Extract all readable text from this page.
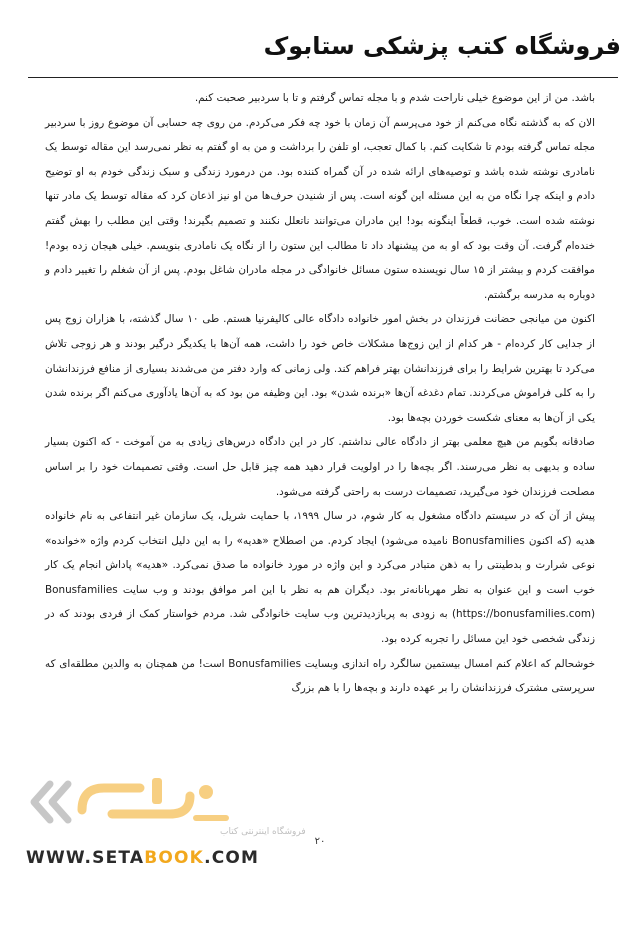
فروشگاه کتب پزشکی ستابوک

باشد. من از این موضوع خیلی ناراحت شدم و با مجله تماس گرفتم و تا با سردبیر صحبت کنم.

الان که به گذشته نگاه می‌کنم از خود می‌پرسم آن زمان با خود چه فکر می‌کردم. من روی چه حسابی آن موضوع روز با سردبیر مجله تماس گرفته بودم تا شکایت کنم. با کمال تعجب، او تلفن را برداشت و من به او گفتم به نظر نمی‌رسد این مقاله توسط یک نامادری نوشته شده باشد و توصیه‌های ارائه شده در آن گمراه کننده بود. من درمورد زندگی و سبک زندگی خودم به او توضیح دادم و اینکه چرا نگاه من به این مسئله این گونه است. پس از شنیدن حرف‌ها من او نیز اذعان کرد که مقاله توسط یک مادر تنها نوشته شده است. خوب، قطعاً اینگونه بود! این مادران می‌توانند ناتعلل نکنند و تصمیم بگیرند! وقتی این مطلب را بهش گفتم خنده‌ام گرفت. آن وقت بود که او به من پیشنهاد داد تا مطالب این ستون را از نگاه یک نامادری بنویسم. خیلی هیجان زده بودم! موافقت کردم و بیشتر از ۱۵ سال نویسنده ستون مسائل خانوادگی در مجله مادران شاغل بودم. پس از آن شغلم را تغییر دادم و دوباره به مدرسه برگشتم.

اکنون من میانجی حضانت فرزندان در بخش امور خانواده دادگاه عالی کالیفرنیا هستم. طی ۱۰ سال گذشته، با هزاران زوج پس از جدایی کار کرده‌ام - هر کدام از این زوج‌ها مشکلات خاص خود را داشت، همه آن‌ها با یکدیگر درگیر بودند و هر زوجی تلاش می‌کرد تا بهترین شرایط را برای فرزندانشان بهتر فراهم کند. ولی زمانی که وارد دفتر من می‌شدند بسیاری از منافع فرزندانشان را به کلی فراموش می‌کردند. تمام دغدغه آن‌ها «برنده شدن» بود. این وظیفه من بود که به آن‌ها یادآوری می‌کنم اگر برنده شدن یکی از آن‌ها به معنای شکست خوردن بچه‌ها بود.

صادقانه بگویم من هیچ معلمی بهتر از دادگاه عالی نداشتم. کار در این دادگاه درس‌های زیادی به من آموخت - که اکنون بسیار ساده و بدیهی به نظر می‌رسند. اگر بچه‌ها را در اولویت قرار دهید همه چیز قابل حل است. وقتی تصمیمات خود را بر اساس مصلحت فرزندان خود می‌گیرید، تصمیمات درست به راحتی گرفته می‌شود.

پیش از آن که در سیستم دادگاه مشغول به کار شوم، در سال ۱۹۹۹، با حمایت شریل، یک سازمان غیر انتفاعی به نام خانواده هدیه (که اکنون Bonusfamilies نامیده می‌شود) ایجاد کردم. من اصطلاح «هدیه» را به این دلیل انتخاب کردم واژه «خوانده» نوعی شرارت و بدطینتی را به ذهن متبادر می‌کرد و این واژه در مورد خانواده ما صدق نمی‌کرد. «هدیه» پاداش انجام یک کار خوب است و این عنوان به نظر مهربانانه‌تر بود. دیگران هم به نظر با این امر موافق بودند و وب سایت Bonusfamilies (https://bonusfamilies.com) به زودی به پربازدیدترین وب سایت خانوادگی شد. مردم خواستار کمک از فردی بودند که در زندگی شخصی خود این مسائل را تجربه کرده بود.

خوشحالم که اعلام کنم امسال بیستمین سالگرد راه اندازی وبسایت Bonusfamilies است! من همچنان به والدین مطلقه‌ای که سرپرستی مشترک فرزندانشان را بر عهده دارند و بچه‌ها را با هم بزرگ

فروشگاه اینترنتی کتاب
WWW.SETABOOK.COM
۲۰
